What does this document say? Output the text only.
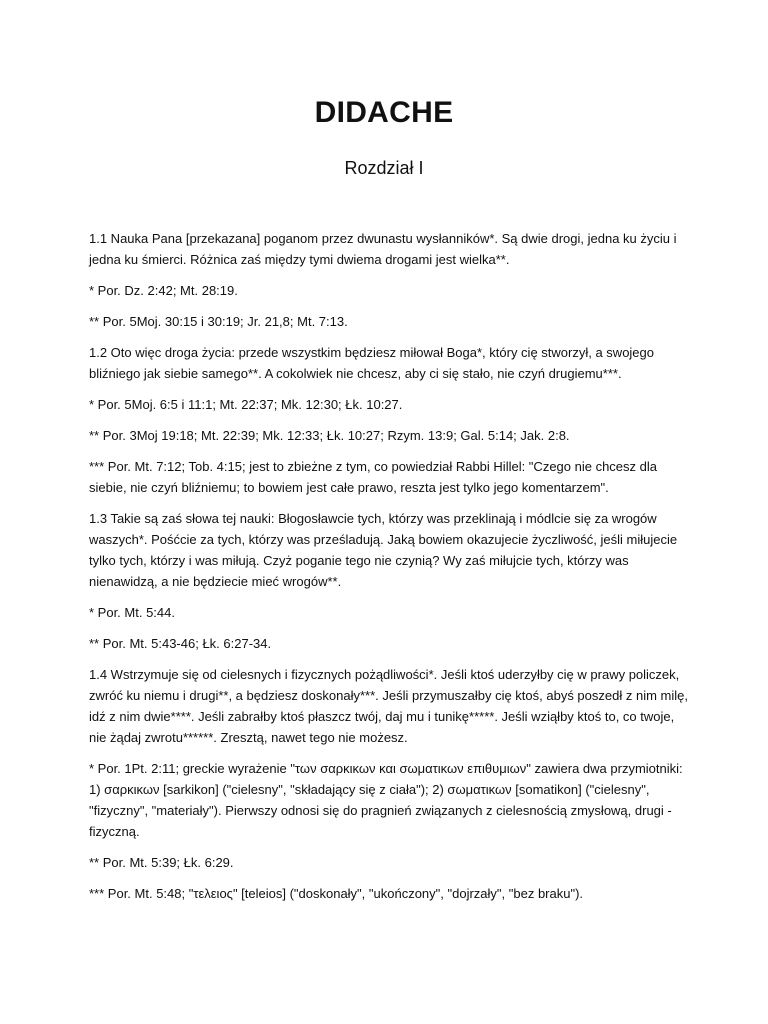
DIDACHE
Rozdział I

1.1 Nauka Pana [przekazana] poganom przez dwunastu wysłanników*. Są dwie drogi, jedna ku życiu i
jedna ku śmierci. Różnica zaś między tymi dwiema drogami jest wielka**.

* Por. Dz. 2:42; Mt. 28:19.

** Por. 5Moj. 30:15 i 30:19; Jr. 21,8; Mt. 7:13.

1.2 Oto więc droga życia: przede wszystkim będziesz miłował Boga*, który cię stworzył, a swojego
bliźniego jak siebie samego**. A cokolwiek nie chcesz, aby ci się stało, nie czyń drugiemu***.

* Por. 5Moj. 6:5 i 11:1; Mt. 22:37; Mk. 12:30; Łk. 10:27.

** Por. 3Moj 19:18; Mt. 22:39; Mk. 12:33; Łk. 10:27; Rzym. 13:9; Gal. 5:14; Jak. 2:8.

*** Por. Mt. 7:12; Tob. 4:15; jest to zbieżne z tym, co powiedział Rabbi Hillel: "Czego nie chcesz dla
siebie, nie czyń bliźniemu; to bowiem jest całe prawo, reszta jest tylko jego komentarzem".

1.3 Takie są zaś słowa tej nauki: Błogosławcie tych, którzy was przeklinają i módlcie się za wrogów
waszych*. Pośćcie za tych, którzy was prześladują. Jaką bowiem okazujecie życzliwość, jeśli miłujecie
tylko tych, którzy i was miłują. Czyż poganie tego nie czynią? Wy zaś miłujcie tych, którzy was
nienawidzą, a nie będziecie mieć wrogów**.

* Por. Mt. 5:44.

** Por. Mt. 5:43-46; Łk. 6:27-34.

1.4 Wstrzymuje się od cielesnych i fizycznych pożądliwości*. Jeśli ktoś uderzyłby cię w prawy policzek,
zwróć ku niemu i drugi**, a będziesz doskonały***. Jeśli przymuszałby cię ktoś, abyś poszedł z nim milę,
idź z nim dwie****. Jeśli zabrałby ktoś płaszcz twój, daj mu i tunikę*****. Jeśli wziąłby ktoś to, co twoje,
nie żądaj zwrotu******. Zresztą, nawet tego nie możesz.

* Por. 1Pt. 2:11; greckie wyrażenie "των σαρκικων και σωματικων επιθυμιων" zawiera dwa przymiotniki:
1) σαρκικων [sarkikon] ("cielesny", "składający się z ciała"); 2) σωματικων [somatikon] ("cielesny",
"fizyczny", "materiały"). Pierwszy odnosi się do pragnień związanych z cielesnością zmysłową, drugi -
fizyczną.

** Por. Mt. 5:39; Łk. 6:29.

*** Por. Mt. 5:48; "τελειος" [teleios] ("doskonały", "ukończony", "dojrzały", "bez braku").
